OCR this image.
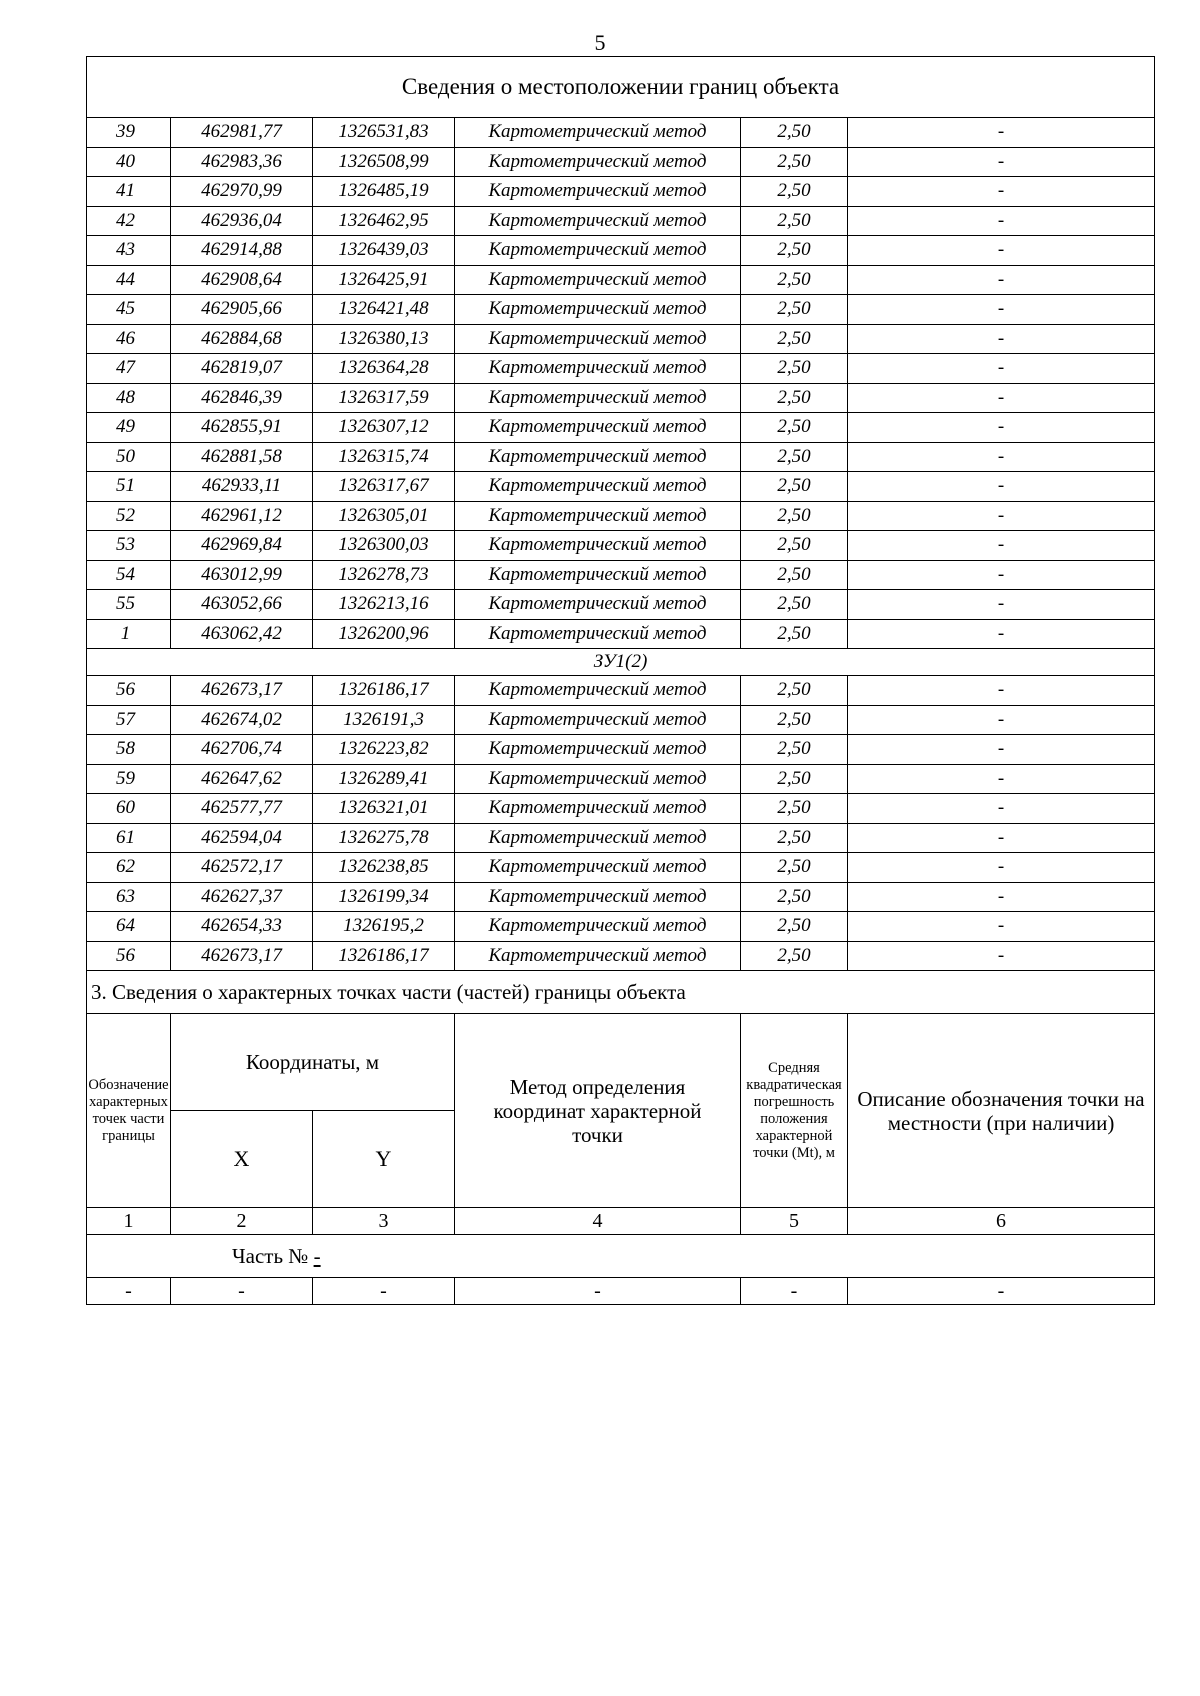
5
Сведения о местоположении границ объекта					
39	462981,77	1326531,83	Картометрический метод	2,50	-
40	462983,36	1326508,99	Картометрический метод	2,50	-
41	462970,99	1326485,19	Картометрический метод	2,50	-
42	462936,04	1326462,95	Картометрический метод	2,50	-
43	462914,88	1326439,03	Картометрический метод	2,50	-
44	462908,64	1326425,91	Картометрический метод	2,50	-
45	462905,66	1326421,48	Картометрический метод	2,50	-
46	462884,68	1326380,13	Картометрический метод	2,50	-
47	462819,07	1326364,28	Картометрический метод	2,50	-
48	462846,39	1326317,59	Картометрический метод	2,50	-
49	462855,91	1326307,12	Картометрический метод	2,50	-
50	462881,58	1326315,74	Картометрический метод	2,50	-
51	462933,11	1326317,67	Картометрический метод	2,50	-
52	462961,12	1326305,01	Картометрический метод	2,50	-
53	462969,84	1326300,03	Картометрический метод	2,50	-
54	463012,99	1326278,73	Картометрический метод	2,50	-
55	463052,66	1326213,16	Картометрический метод	2,50	-
1	463062,42	1326200,96	Картометрический метод	2,50	-
ЗУ1(2)					
56	462673,17	1326186,17	Картометрический метод	2,50	-
57	462674,02	1326191,3	Картометрический метод	2,50	-
58	462706,74	1326223,82	Картометрический метод	2,50	-
59	462647,62	1326289,41	Картометрический метод	2,50	-
60	462577,77	1326321,01	Картометрический метод	2,50	-
61	462594,04	1326275,78	Картометрический метод	2,50	-
62	462572,17	1326238,85	Картометрический метод	2,50	-
63	462627,37	1326199,34	Картометрический метод	2,50	-
64	462654,33	1326195,2	Картометрический метод	2,50	-
56	462673,17	1326186,17	Картометрический метод	2,50	-
3. Сведения о характерных точках части (частей) границы объекта					
Обозначение характерных точек части границы	Координаты, м		Метод определения координат характерной точки	Средняя квадратическая погрешность положения характерной точки (Mt), м	Описание обозначения точки на местности (при наличии)
	X	Y			
1	2	3	4	5	6
Часть № -					
-	-	-	-	-	-
